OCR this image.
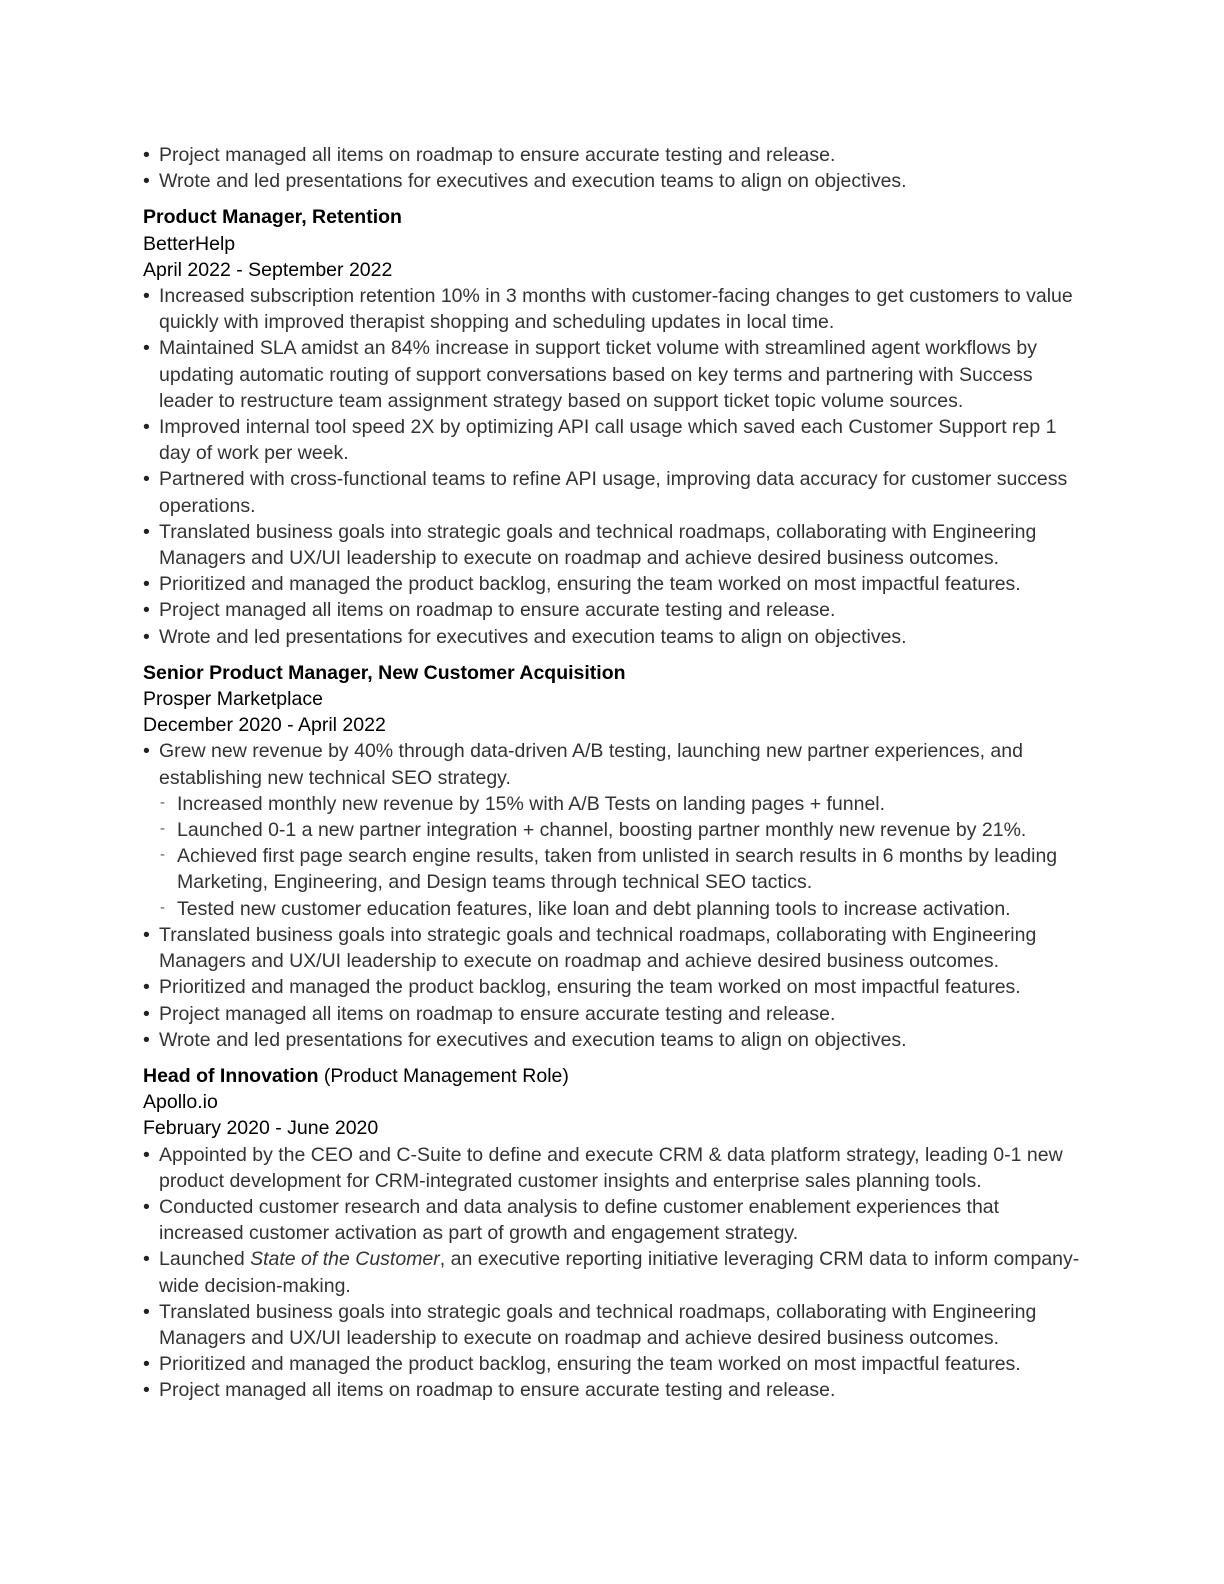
• Project managed all items on roadmap to ensure accurate testing and release.
• Wrote and led presentations for executives and execution teams to align on objectives.
Product Manager, Retention
BetterHelp
April 2022 - September 2022
• Increased subscription retention 10% in 3 months with customer-facing changes to get customers to value quickly with improved therapist shopping and scheduling updates in local time.
• Maintained SLA amidst an 84% increase in support ticket volume with streamlined agent workflows by updating automatic routing of support conversations based on key terms and partnering with Success leader to restructure team assignment strategy based on support ticket topic volume sources.
• Improved internal tool speed 2X by optimizing API call usage which saved each Customer Support rep 1 day of work per week.
• Partnered with cross-functional teams to refine API usage, improving data accuracy for customer success operations.
• Translated business goals into strategic goals and technical roadmaps, collaborating with Engineering Managers and UX/UI leadership to execute on roadmap and achieve desired business outcomes.
• Prioritized and managed the product backlog, ensuring the team worked on most impactful features.
• Project managed all items on roadmap to ensure accurate testing and release.
• Wrote and led presentations for executives and execution teams to align on objectives.
Senior Product Manager, New Customer Acquisition
Prosper Marketplace
December 2020 - April 2022
• Grew new revenue by 40% through data-driven A/B testing, launching new partner experiences, and establishing new technical SEO strategy.
- Increased monthly new revenue by 15% with A/B Tests on landing pages + funnel.
- Launched 0-1 a new partner integration + channel, boosting partner monthly new revenue by 21%.
- Achieved first page search engine results, taken from unlisted in search results in 6 months by leading Marketing, Engineering, and Design teams through technical SEO tactics.
- Tested new customer education features, like loan and debt planning tools to increase activation.
• Translated business goals into strategic goals and technical roadmaps, collaborating with Engineering Managers and UX/UI leadership to execute on roadmap and achieve desired business outcomes.
• Prioritized and managed the product backlog, ensuring the team worked on most impactful features.
• Project managed all items on roadmap to ensure accurate testing and release.
• Wrote and led presentations for executives and execution teams to align on objectives.
Head of Innovation (Product Management Role)
Apollo.io
February 2020 - June 2020
• Appointed by the CEO and C-Suite to define and execute CRM & data platform strategy, leading 0-1 new product development for CRM-integrated customer insights and enterprise sales planning tools.
• Conducted customer research and data analysis to define customer enablement experiences that increased customer activation as part of growth and engagement strategy.
• Launched State of the Customer, an executive reporting initiative leveraging CRM data to inform company-wide decision-making.
• Translated business goals into strategic goals and technical roadmaps, collaborating with Engineering Managers and UX/UI leadership to execute on roadmap and achieve desired business outcomes.
• Prioritized and managed the product backlog, ensuring the team worked on most impactful features.
• Project managed all items on roadmap to ensure accurate testing and release.
